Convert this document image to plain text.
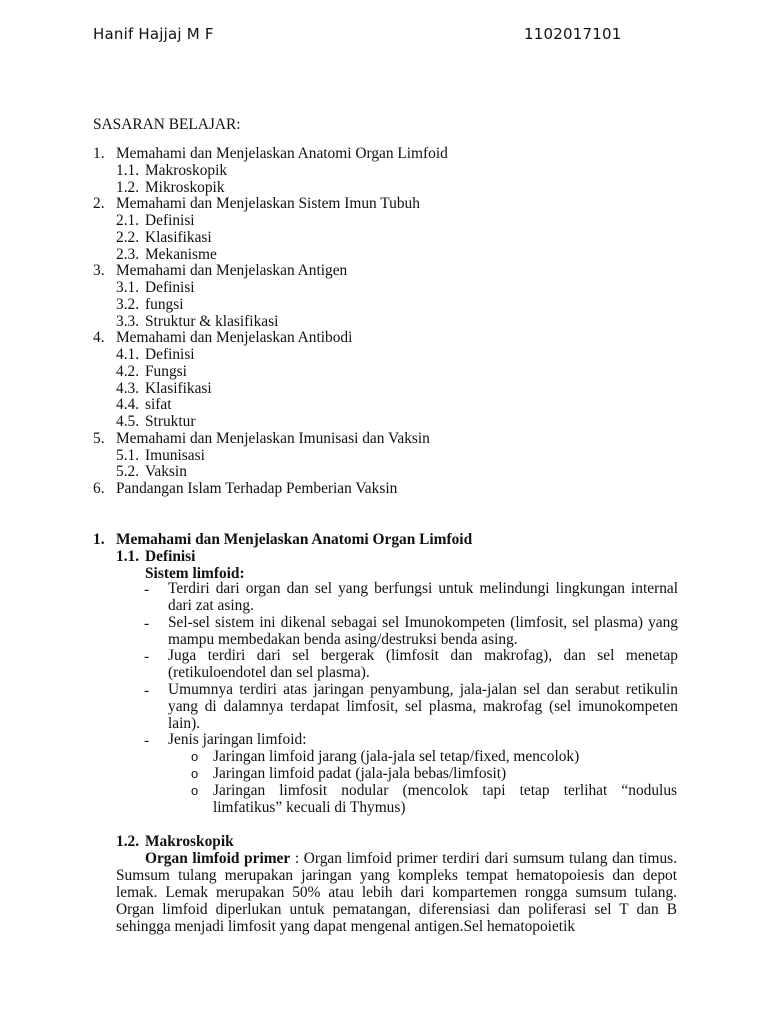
Hanif Hajjaj M F	1102017101
SASARAN BELAJAR:
1. Memahami dan Menjelaskan Anatomi Organ Limfoid
1.1. Makroskopik
1.2. Mikroskopik
2. Memahami dan Menjelaskan Sistem Imun Tubuh
2.1. Definisi
2.2. Klasifikasi
2.3. Mekanisme
3. Memahami dan Menjelaskan Antigen
3.1. Definisi
3.2. fungsi
3.3. Struktur & klasifikasi
4. Memahami dan Menjelaskan Antibodi
4.1. Definisi
4.2. Fungsi
4.3. Klasifikasi
4.4. sifat
4.5. Struktur
5. Memahami dan Menjelaskan Imunisasi dan Vaksin
5.1. Imunisasi
5.2. Vaksin
6. Pandangan Islam Terhadap Pemberian Vaksin
1. Memahami dan Menjelaskan Anatomi Organ Limfoid
1.1. Definisi
Sistem limfoid:
- Terdiri dari organ dan sel yang berfungsi untuk melindungi lingkungan internal dari zat asing.
- Sel-sel sistem ini dikenal sebagai sel Imunokompeten (limfosit, sel plasma) yang mampu membedakan benda asing/destruksi benda asing.
- Juga terdiri dari sel bergerak (limfosit dan makrofag), dan sel menetap (retikuloendotel dan sel plasma).
- Umumnya terdiri atas jaringan penyambung, jala-jalan sel dan serabut retikulin yang di dalamnya terdapat limfosit, sel plasma, makrofag (sel imunokompeten lain).
- Jenis jaringan limfoid:
o Jaringan limfoid jarang (jala-jala sel tetap/fixed, mencolok)
o Jaringan limfoid padat (jala-jala bebas/limfosit)
o Jaringan limfosit nodular (mencolok tapi tetap terlihat “nodulus limfatikus” kecuali di Thymus)
1.2. Makroskopik
Organ limfoid primer : Organ limfoid primer terdiri dari sumsum tulang dan timus. Sumsum tulang merupakan jaringan yang kompleks tempat hematopoiesis dan depot lemak. Lemak merupakan 50% atau lebih dari kompartemen rongga sumsum tulang. Organ limfoid diperlukan untuk pematangan, diferensiasi dan poliferasi sel T dan B sehingga menjadi limfosit yang dapat mengenal antigen.Sel hematopoietik
